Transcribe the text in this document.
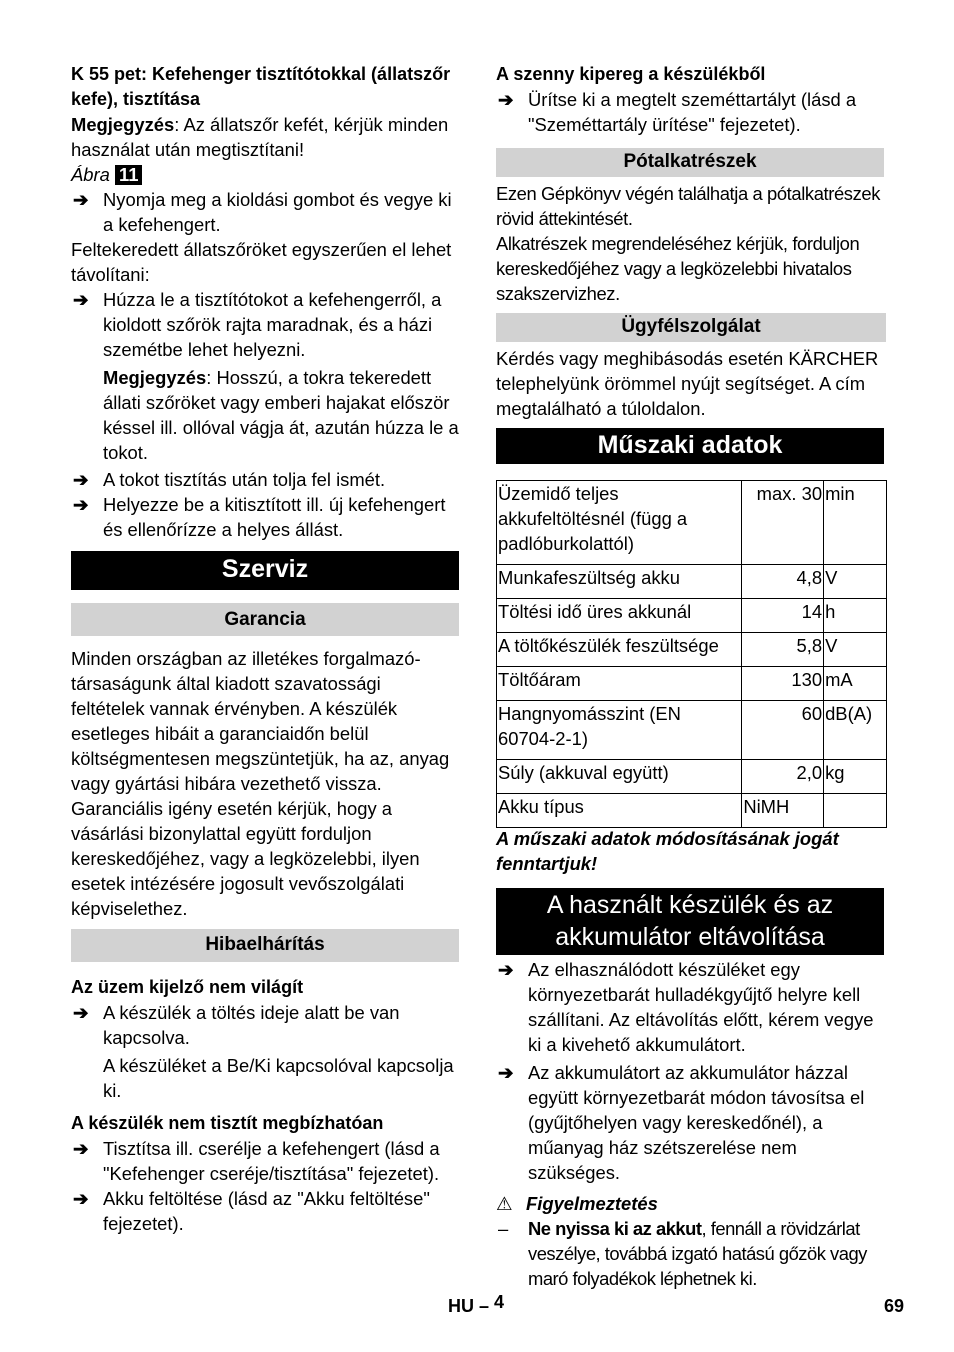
K 55 pet: Kefehenger tisztítótokkal (állatszőr kefe), tisztítása

Megjegyzés: Az állatszőr kefét, kérjük minden használat után megtisztítani!

Ábra 11

➔ Nyomja meg a kioldási gombot és vegye ki a kefehengert.

Feltekeredett állatszőröket egyszerűen el lehet távolítani:

➔ Húzza le a tisztítótokot a kefehengerről, a kioldott szőrök rajta maradnak, és a házi szemétbe lehet helyezni.

Megjegyzés: Hosszú, a tokra tekeredett állati szőröket vagy emberi hajakat először késsel ill. ollóval vágja át, azután húzza le a tokot.

➔ A tokot tisztítás után tolja fel ismét.
➔ Helyezze be a kitisztított ill. új kefehengert és ellenőrízze a helyes állást.
Szerviz
Garancia

Minden országban az illetékes forgalmazó-társaságunk által kiadott szavatossági feltételek vannak érvényben. A készülék esetleges hibáit a garanciaidőn belül költségmentesen megszüntetjük, ha az, anyag vagy gyártási hibára vezethető vissza. Garanciális igény esetén kérjük, hogy a vásárlási bizonylattal együtt forduljon kereskedőjéhez, vagy a legközelebbi, ilyen esetek intézésére jogosult vevőszolgálati képviselethez.

Hibaelhárítás

Az üzem kijelző nem világít

➔ A készülék a töltés ideje alatt be van kapcsolva.

A készüléket a Be/Ki kapcsolóval kapcsolja ki.

A készülék nem tisztít megbízhatóan

➔ Tisztítsa ill. cserélje a kefehengert (lásd a "Kefehenger cseréje/tisztítása" fejezetet).
➔ Akku feltöltése (lásd az "Akku feltöltése" fejezetet).

A szenny kipereg a készülékből

➔ Ürítse ki a megtelt szeméttartályt (lásd a "Szeméttartály ürítése" fejezetet).
Pótalkatrészek

Ezen Gépkönyv végén találhatja a pótalkatrészek rövid áttekintését.

Alkatrészek megrendeléséhez kérjük, forduljon kereskedőjéhez vagy a legközelebbi hivatalos szakszervizhez.

Ügyfélszolgálat

Kérdés vagy meghibásodás esetén KÄRCHER telephelyünk örömmel nyújt segítséget. A cím megtalálható a túloldalon.

Műszaki adatok
Üzemidő teljes akkufeltöltésnél (függ a padlóburkolattól)	max. 30	min
Munkafeszültség akku	4,8	V
Töltési idő üres akkunál	14	h
A töltőkészülék feszültsége	5,8	V
Töltőáram	130	mA
Hangnyomásszint (EN 60704-2-1)	60	dB(A)
Súly (akkuval együtt)	2,0	kg
Akku típus	NiMH	

A műszaki adatok módosításának jogát fenntartjuk!

A használt készülék és az akkumulátor eltávolítása
➔ Az elhasználódott készüléket egy környezetbarát hulladékgyűjtő helyre kell szállítani. Az eltávolítás előtt, kérem vegye ki a kivehető akkumulátort.
➔ Az akkumulátort az akkumulátor házzal együtt környezetbarát módon távosítsa el (gyűjtőhelyen vagy kereskedőnél), a műanyag ház szétszerelése nem szükséges.

⚠ Figyelmeztetés

– Ne nyissa ki az akkut, fennáll a rövidzárlat veszélye, továbbá izgató hatású gőzök vagy maró folyadékok léphetnek ki.
HU – 4	69
